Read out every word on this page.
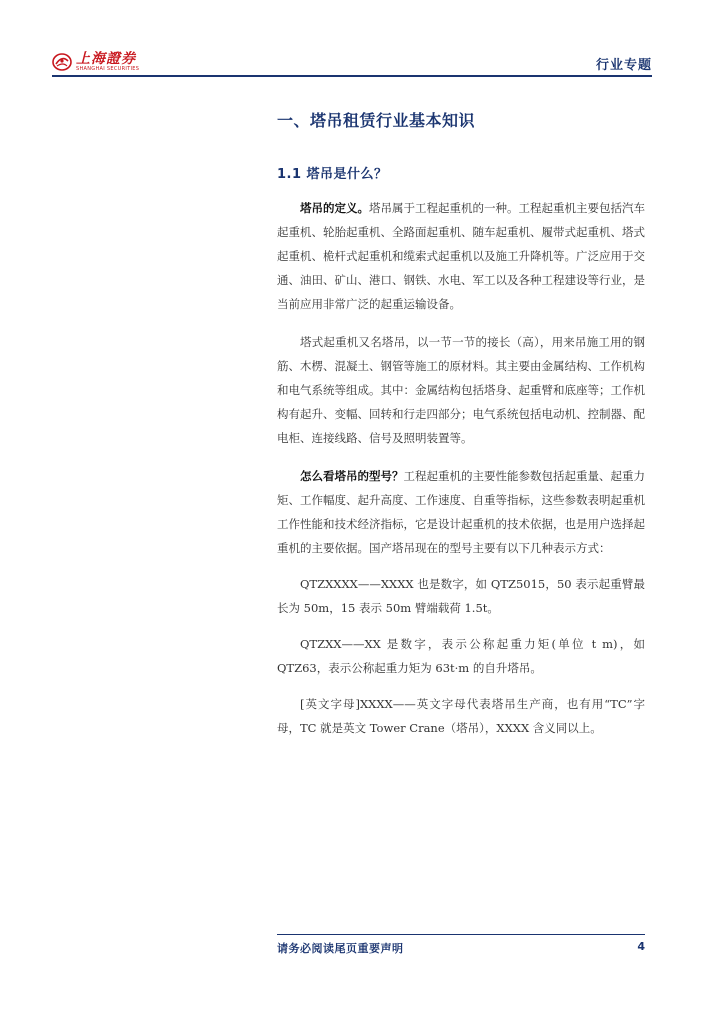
上海證券
SHANGHAI SECURITIES	行业专题
一、塔吊租赁行业基本知识
1.1 塔吊是什么？

塔吊的定义。塔吊属于工程起重机的一种。工程起重机主要包括汽车起重机、轮胎起重机、全路面起重机、随车起重机、履带式起重机、塔式起重机、桅杆式起重机和缆索式起重机以及施工升降机等。广泛应用于交通、油田、矿山、港口、钢铁、水电、军工以及各种工程建设等行业，是当前应用非常广泛的起重运输设备。

塔式起重机又名塔吊，以一节一节的接长（高），用来吊施工用的钢筋、木楞、混凝土、钢管等施工的原材料。其主要由金属结构、工作机构和电气系统等组成。其中：金属结构包括塔身、起重臂和底座等；工作机构有起升、变幅、回转和行走四部分；电气系统包括电动机、控制器、配电柜、连接线路、信号及照明装置等。

怎么看塔吊的型号？工程起重机的主要性能参数包括起重量、起重力矩、工作幅度、起升高度、工作速度、自重等指标，这些参数表明起重机工作性能和技术经济指标，它是设计起重机的技术依据，也是用户选择起重机的主要依据。国产塔吊现在的型号主要有以下几种表示方式：

QTZXXXX——XXXX 也是数字，如 QTZ5015，50 表示起重臂最长为 50m，15 表示 50m 臂端载荷 1.5t。

QTZXX——XX 是数字，表示公称起重力矩(单位 t m)，如QTZ63，表示公称起重力矩为 63t·m 的自升塔吊。

[英文字母]XXXX——英文字母代表塔吊生产商，也有用“TC”字母，TC 就是英文 Tower Crane（塔吊），XXXX 含义同以上。

请务必阅读尾页重要声明	4
